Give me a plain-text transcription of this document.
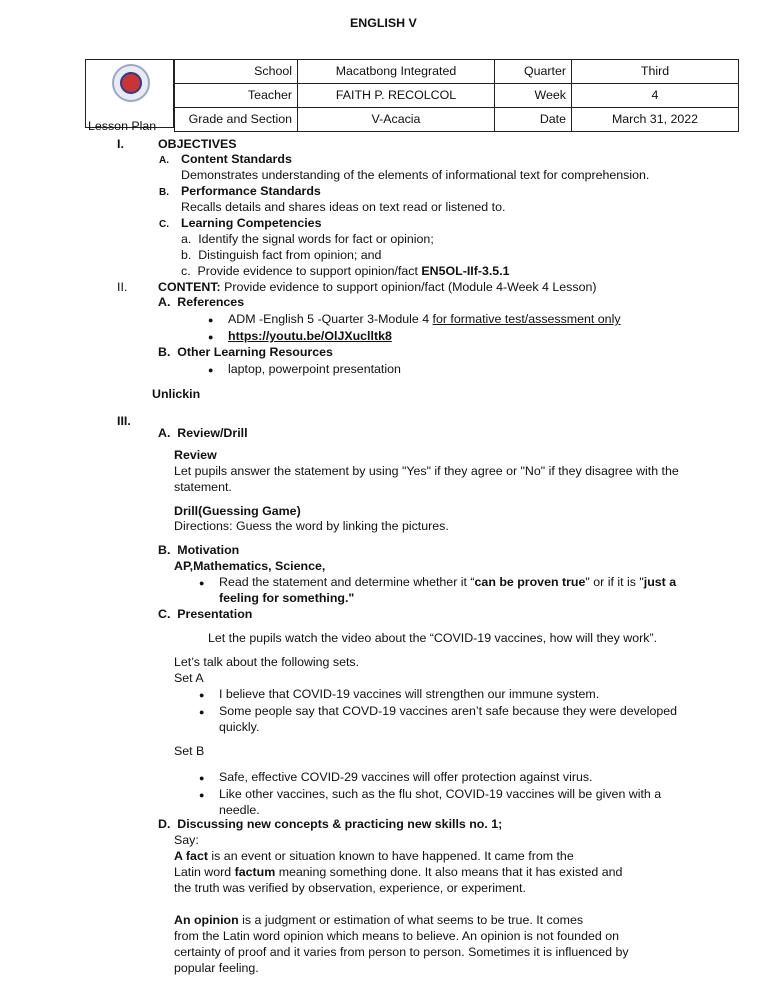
ENGLISH V
Lesson Plan
School	Macatbong Integrated	Quarter	Third
Teacher	FAITH P. RECOLCOL	Week	4
Grade and Section	V-Acacia	Date	March 31, 2022
I.	OBJECTIVES
A. Content Standards
Demonstrates understanding of the elements of informational text for comprehension.
B. Performance Standards
Recalls details and shares ideas on text read or listened to.
C. Learning Competencies
a.  Identify the signal words for fact or opinion;
b.  Distinguish fact from opinion; and
c.  Provide evidence to support opinion/fact EN5OL-IIf-3.5.1
II. CONTENT: Provide evidence to support opinion/fact (Module 4-Week 4 Lesson)
A.  References
● ADM -English 5 -Quarter 3-Module 4 for formative test/assessment only
● https://youtu.be/OlJXuclltk8
B.  Other Learning Resources
● laptop, powerpoint presentation
Unlickin
III.
A.  Review/Drill
Review
Let pupils answer the statement by using "Yes" if they agree or "No" if they disagree with the
statement.
Drill(Guessing Game)
Directions: Guess the word by linking the pictures.
B.  Motivation
AP,Mathematics, Science,
● Read the statement and determine whether it “can be proven true" or if it is "just a
feeling for something."
C.  Presentation
Let the pupils watch the video about the “COVID-19 vaccines, how will they work”.
Let’s talk about the following sets.
Set A
● I believe that COVID-19 vaccines will strengthen our immune system.
● Some people say that COVD-19 vaccines aren’t safe because they were developed
quickly.
Set B
● Safe, effective COVID-29 vaccines will offer protection against virus.
● Like other vaccines, such as the flu shot, COVID-19 vaccines will be given with a
needle.
D.  Discussing new concepts & practicing new skills no. 1;
Say:
A fact is an event or situation known to have happened. It came from the
Latin word factum meaning something done. It also means that it has existed and
the truth was verified by observation, experience, or experiment.
An opinion is a judgment or estimation of what seems to be true. It comes
from the Latin word opinion which means to believe. An opinion is not founded on
certainty of proof and it varies from person to person. Sometimes it is influenced by
popular feeling.
